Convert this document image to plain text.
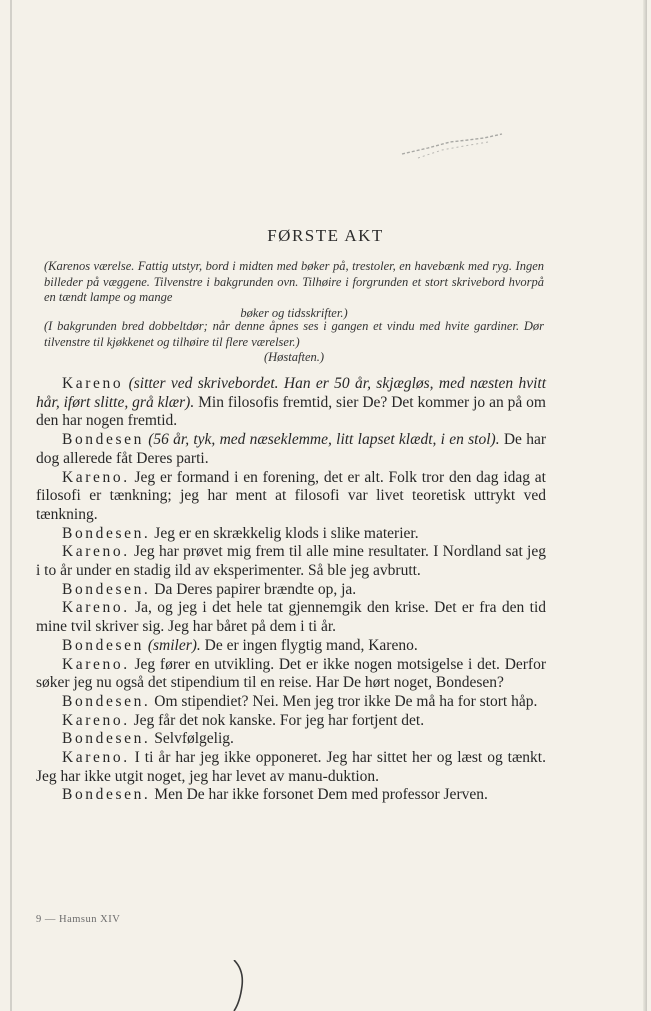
FØRSTE AKT
(Karenos værelse. Fattig utstyr, bord i midten med bøker på, trestoler, en havebænk med ryg. Ingen billeder på væggene. Tilvenstre i bakgrunden ovn. Tilhøire i forgrunden et stort skrivebord hvorpå en tændt lampe og mange
bøker og tidsskrifter.)
(I bakgrunden bred dobbeltdør; når denne åpnes ses i gangen et vindu med hvite gardiner. Dør tilvenstre til kjøkkenet og tilhøire til flere værelser.)
(Høstaften.)

Kareno (sitter ved skrivebordet. Han er 50 år, skjægløs, med næsten hvitt hår, iført slitte, grå klær). Min filosofis fremtid, sier De? Det kommer jo an på om den har nogen fremtid.

Bondesen (56 år, tyk, med næseklemme, litt lapset klædt, i en stol). De har dog allerede fåt Deres parti.

Kareno. Jeg er formand i en forening, det er alt. Folk tror den dag idag at filosofi er tænkning; jeg har ment at filosofi var livet teoretisk uttrykt ved tænkning.

Bondesen. Jeg er en skrækkelig klods i slike materier.

Kareno. Jeg har prøvet mig frem til alle mine resultater. I Nordland sat jeg i to år under en stadig ild av eksperimenter. Så ble jeg avbrutt.

Bondesen. Da Deres papirer brændte op, ja.

Kareno. Ja, og jeg i det hele tat gjennemgik den krise. Det er fra den tid mine tvil skriver sig. Jeg har båret på dem i ti år.

Bondesen (smiler). De er ingen flygtig mand, Kareno.

Kareno. Jeg fører en utvikling. Det er ikke nogen motsigelse i det. Derfor søker jeg nu også det stipendium til en reise. Har De hørt noget, Bondesen?

Bondesen. Om stipendiet? Nei. Men jeg tror ikke De må ha for stort håp.

Kareno. Jeg får det nok kanske. For jeg har fortjent det.

Bondesen. Selvfølgelig.

Kareno. I ti år har jeg ikke opponeret. Jeg har sittet her og læst og tænkt. Jeg har ikke utgit noget, jeg har levet av manu-duktion.

Bondesen. Men De har ikke forsonet Dem med professor Jerven.

9 — Hamsun XIV
